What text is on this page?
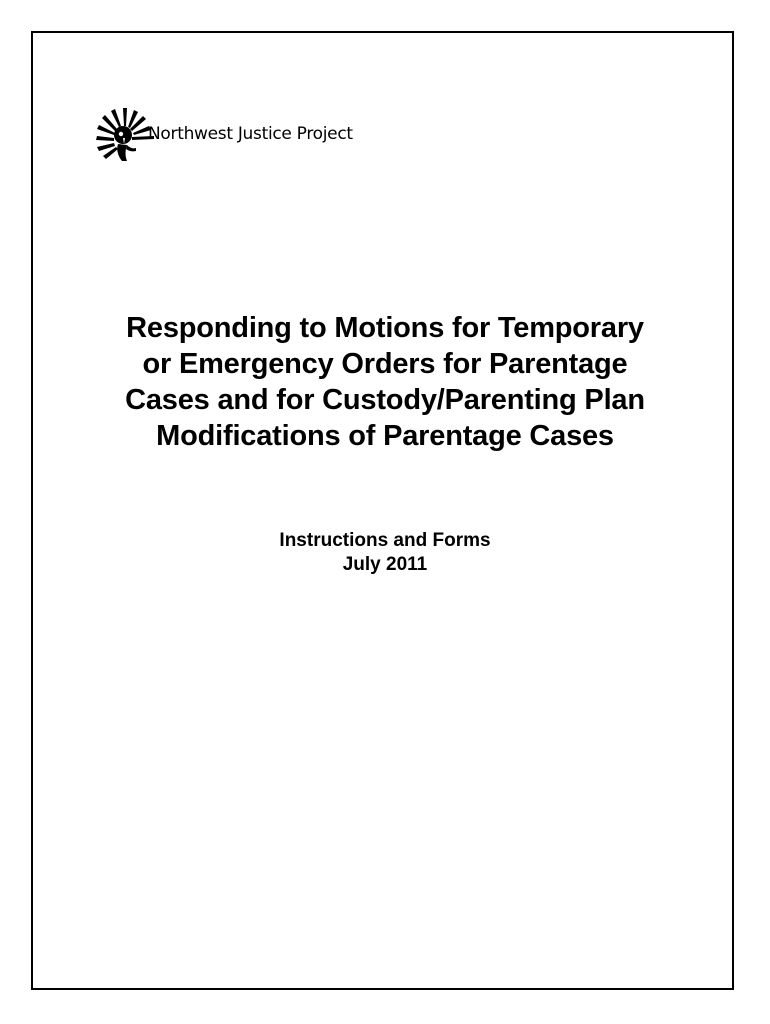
Northwest Justice Project
Responding to Motions for Temporary
or Emergency Orders for Parentage
Cases and for Custody/Parenting Plan
Modifications of Parentage Cases
Instructions and Forms
July 2011
